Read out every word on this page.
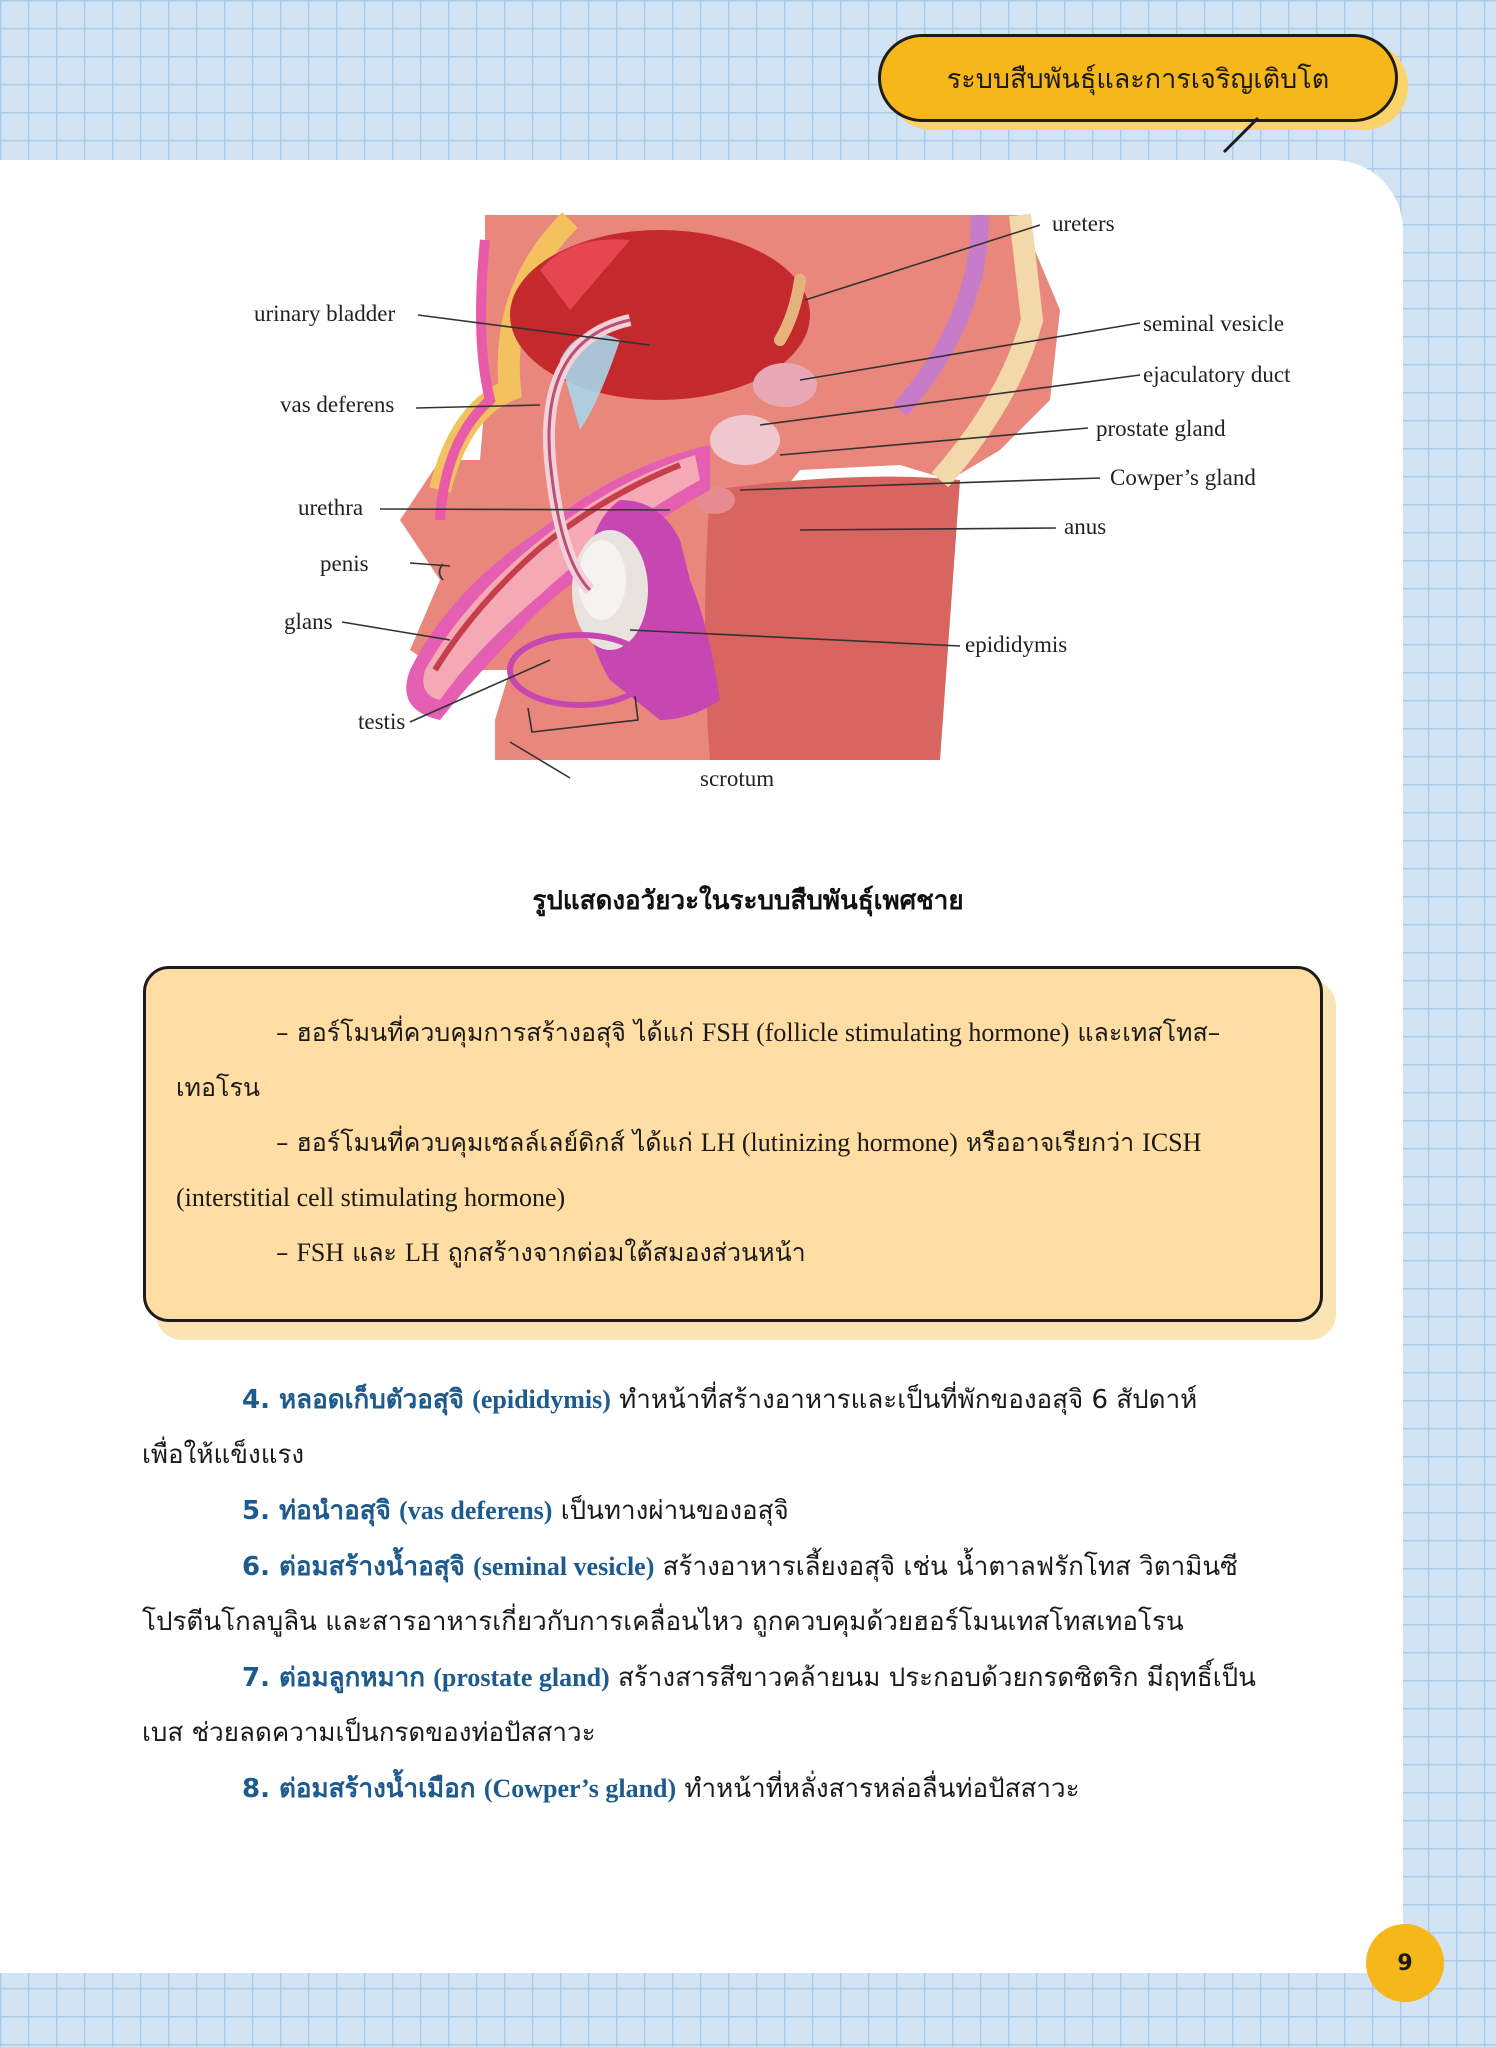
ระบบสืบพันธุ์และการเจริญเติบโต
ureters
urinary bladder	seminal vesicle
ejaculatory duct
vas deferens
prostate gland
Cowper’s gland
urethra
anus
penis
glans
epididymis
testis
scrotum
รูปแสดงอวัยวะในระบบสืบพันธุ์เพศชาย

– ฮอร์โมนที่ควบคุมการสร้างอสุจิ ได้แก่ FSH (follicle stimulating hormone) และเทสโทส–

เทอโรน

– ฮอร์โมนที่ควบคุมเซลล์เลย์ดิกส์ ได้แก่ LH (lutinizing hormone) หรืออาจเรียกว่า ICSH

(interstitial cell stimulating hormone)

– FSH และ LH ถูกสร้างจากต่อมใต้สมองส่วนหน้า

4. หลอดเก็บตัวอสุจิ (epididymis) ทำหน้าที่สร้างอาหารและเป็นที่พักของอสุจิ 6 สัปดาห์

เพื่อให้แข็งแรง

5. ท่อนำอสุจิ (vas deferens) เป็นทางผ่านของอสุจิ

6. ต่อมสร้างน้ำอสุจิ (seminal vesicle) สร้างอาหารเลี้ยงอสุจิ เช่น น้ำตาลฟรักโทส วิตามินซี

โปรตีนโกลบูลิน และสารอาหารเกี่ยวกับการเคลื่อนไหว ถูกควบคุมด้วยฮอร์โมนเทสโทสเทอโรน

7. ต่อมลูกหมาก (prostate gland) สร้างสารสีขาวคล้ายนม ประกอบด้วยกรดซิตริก มีฤทธิ์เป็น

เบส ช่วยลดความเป็นกรดของท่อปัสสาวะ

8. ต่อมสร้างน้ำเมือก (Cowper’s gland) ทำหน้าที่หลั่งสารหล่อลื่นท่อปัสสาวะ

9
